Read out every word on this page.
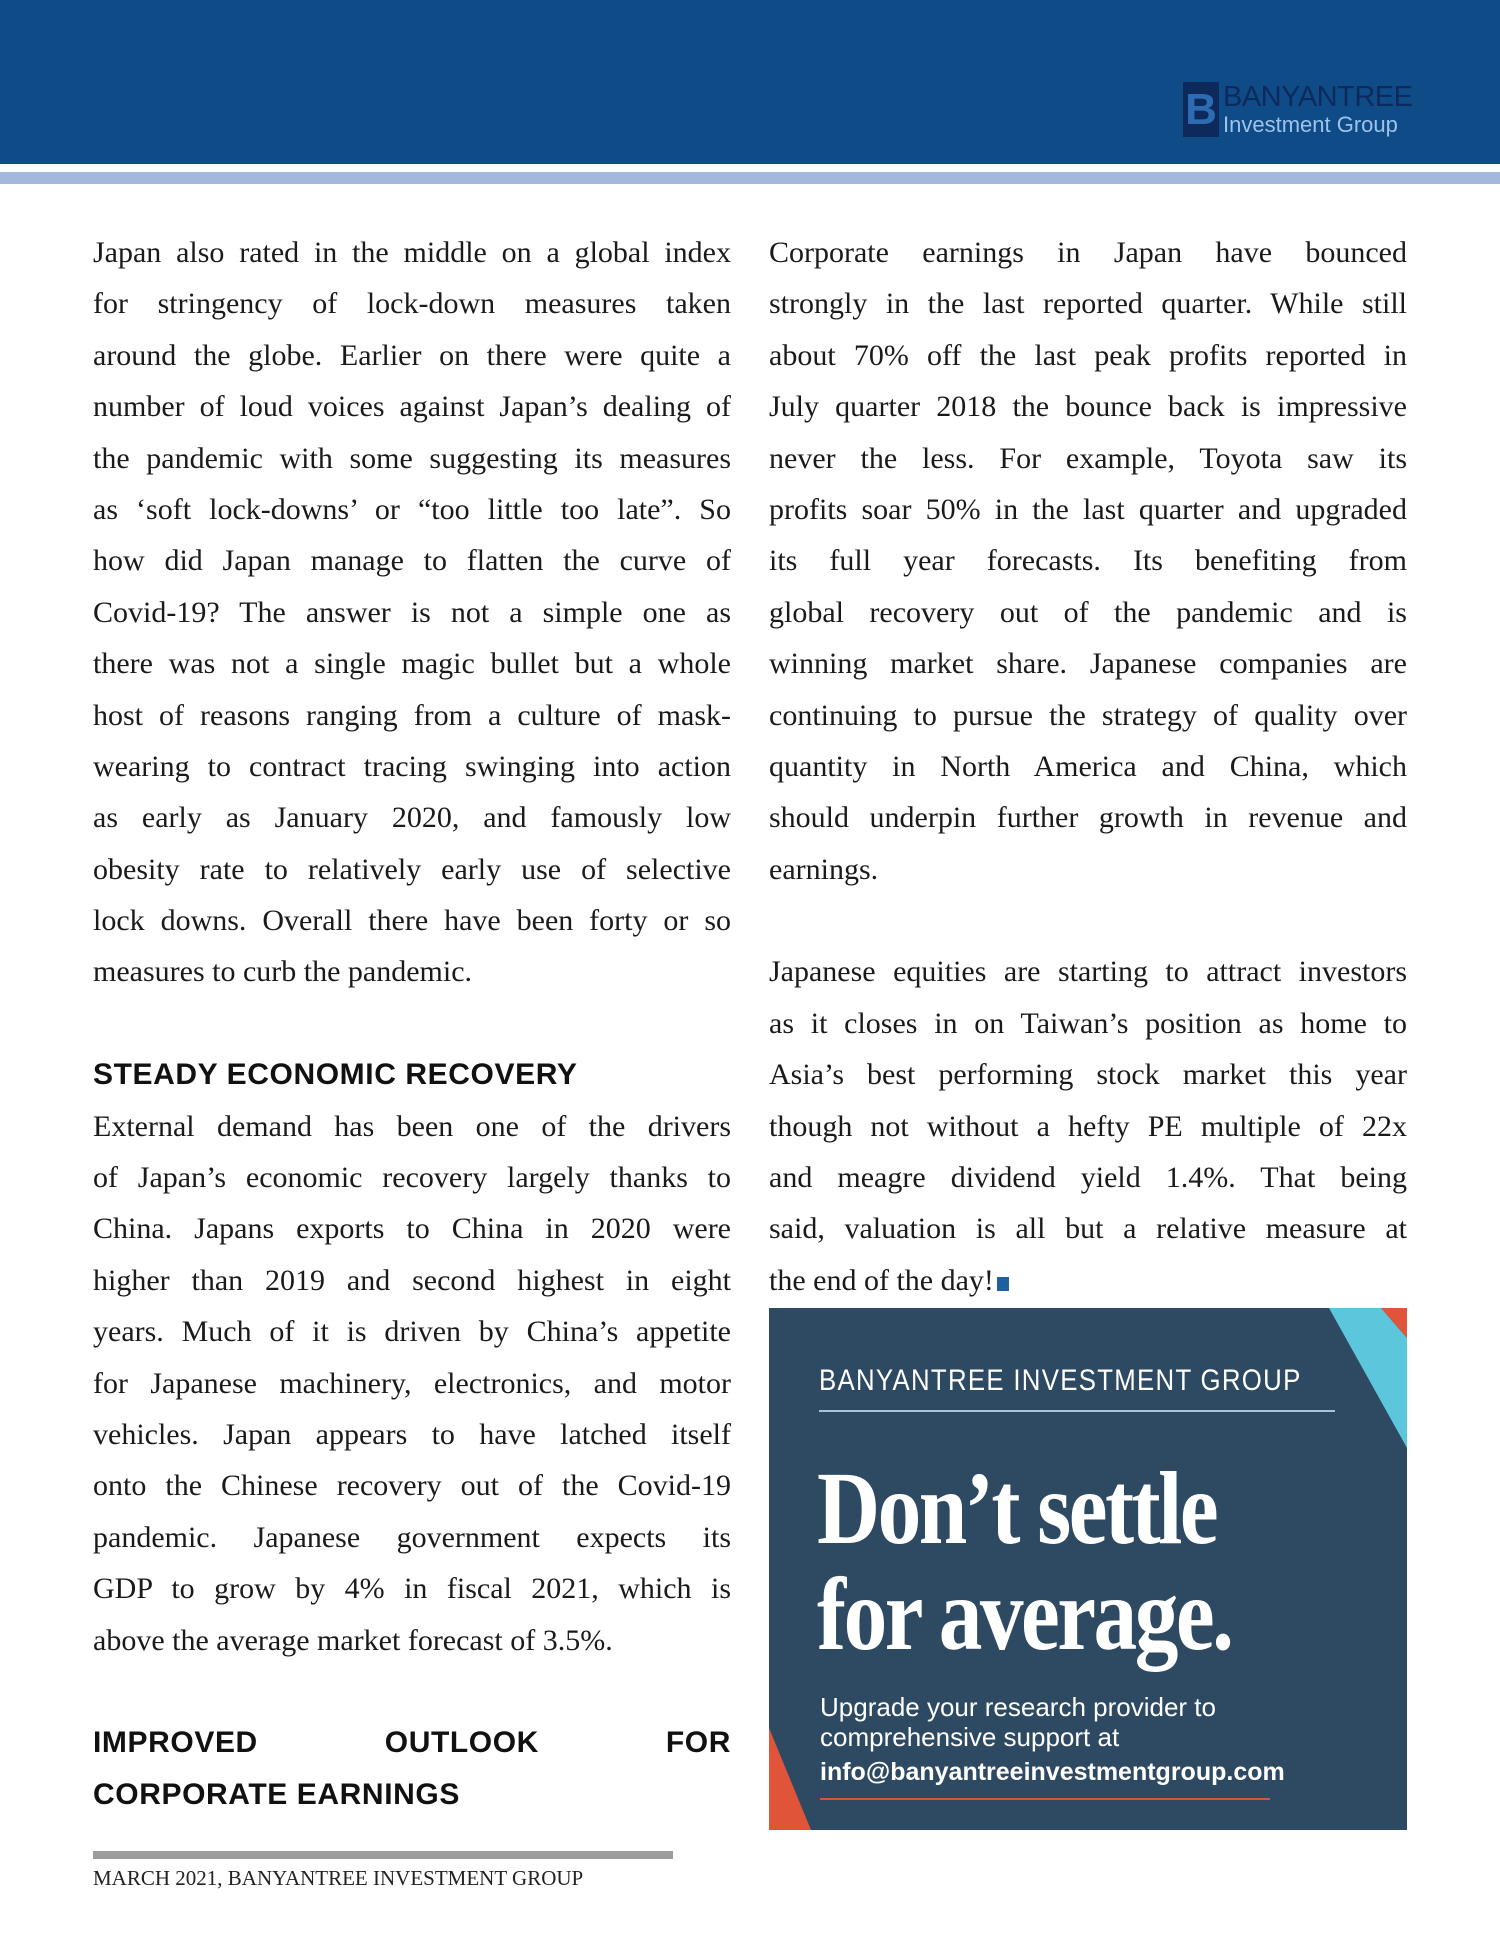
B BANYANTREE
Investment Group
Japan also rated in the middle on a global index
for stringency of lock-down measures taken
around the globe. Earlier on there were quite a
number of loud voices against Japan’s dealing of
the pandemic with some suggesting its measures
as ‘soft lock-downs’ or “too little too late”. So
how did Japan manage to flatten the curve of
Covid-19? The answer is not a simple one as
there was not a single magic bullet but a whole
host of reasons ranging from a culture of mask-
wearing to contract tracing swinging into action
as early as January 2020, and famously low
obesity rate to relatively early use of selective
lock downs. Overall there have been forty or so
measures to curb the pandemic.
STEADY ECONOMIC RECOVERY
External demand has been one of the drivers
of Japan’s economic recovery largely thanks to
China. Japans exports to China in 2020 were
higher than 2019 and second highest in eight
years. Much of it is driven by China’s appetite
for Japanese machinery, electronics, and motor
vehicles. Japan appears to have latched itself
onto the Chinese recovery out of the Covid-19
pandemic. Japanese government expects its
GDP to grow by 4% in fiscal 2021, which is
above the average market forecast of 3.5%.
IMPROVED OUTLOOK FOR
CORPORATE EARNINGS
Corporate earnings in Japan have bounced
strongly in the last reported quarter. While still
about 70% off the last peak profits reported in
July quarter 2018 the bounce back is impressive
never the less. For example, Toyota saw its
profits soar 50% in the last quarter and upgraded
its full year forecasts. Its benefiting from
global recovery out of the pandemic and is
winning market share. Japanese companies are
continuing to pursue the strategy of quality over
quantity in North America and China, which
should underpin further growth in revenue and
earnings.
Japanese equities are starting to attract investors
as it closes in on Taiwan’s position as home to
Asia’s best performing stock market this year
though not without a hefty PE multiple of 22x
and meagre dividend yield 1.4%. That being
said, valuation is all but a relative measure at
the end of the day!
BANYANTREE INVESTMENT GROUP
Don’t settle
for average.
Upgrade your research provider to
comprehensive support at
info@banyantreeinvestmentgroup.com
MARCH 2021, BANYANTREE INVESTMENT GROUP
